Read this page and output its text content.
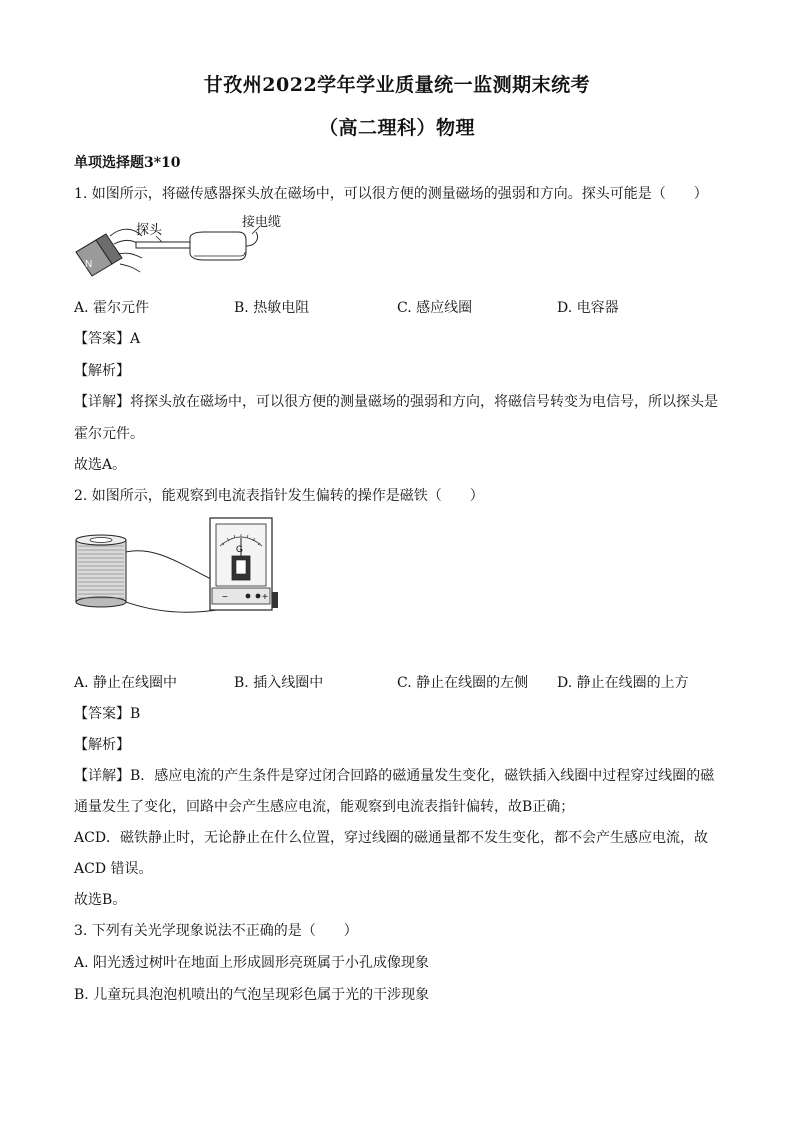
甘孜州2022学年学业质量统一监测期末统考
（高二理科）物理
单项选择题3*10
1. 如图所示，将磁传感器探头放在磁场中，可以很方便的测量磁场的强弱和方向。探头可能是（　　）
N
探头
接电缆
A. 霍尔元件	B. 热敏电阻	C. 感应线圈	D. 电容器
【答案】A
【解析】
【详解】将探头放在磁场中，可以很方便的测量磁场的强弱和方向，将磁信号转变为电信号，所以探头是
霍尔元件。
故选A。
2. 如图所示，能观察到电流表指针发生偏转的操作是磁铁（　　）
G
−	+
A. 静止在线圈中	B. 插入线圈中	C. 静止在线圈的左侧 D. 静止在线圈的上方
【答案】B
【解析】
【详解】B．感应电流的产生条件是穿过闭合回路的磁通量发生变化，磁铁插入线圈中过程穿过线圈的磁
通量发生了变化，回路中会产生感应电流，能观察到电流表指针偏转，故B正确；
ACD．磁铁静止时，无论静止在什么位置，穿过线圈的磁通量都不发生变化，都不会产生感应电流，故
ACD 错误。
故选B。
3. 下列有关光学现象说法不正确的是（　　）
A. 阳光透过树叶在地面上形成圆形亮斑属于小孔成像现象
B. 儿童玩具泡泡机喷出的气泡呈现彩色属于光的干涉现象
